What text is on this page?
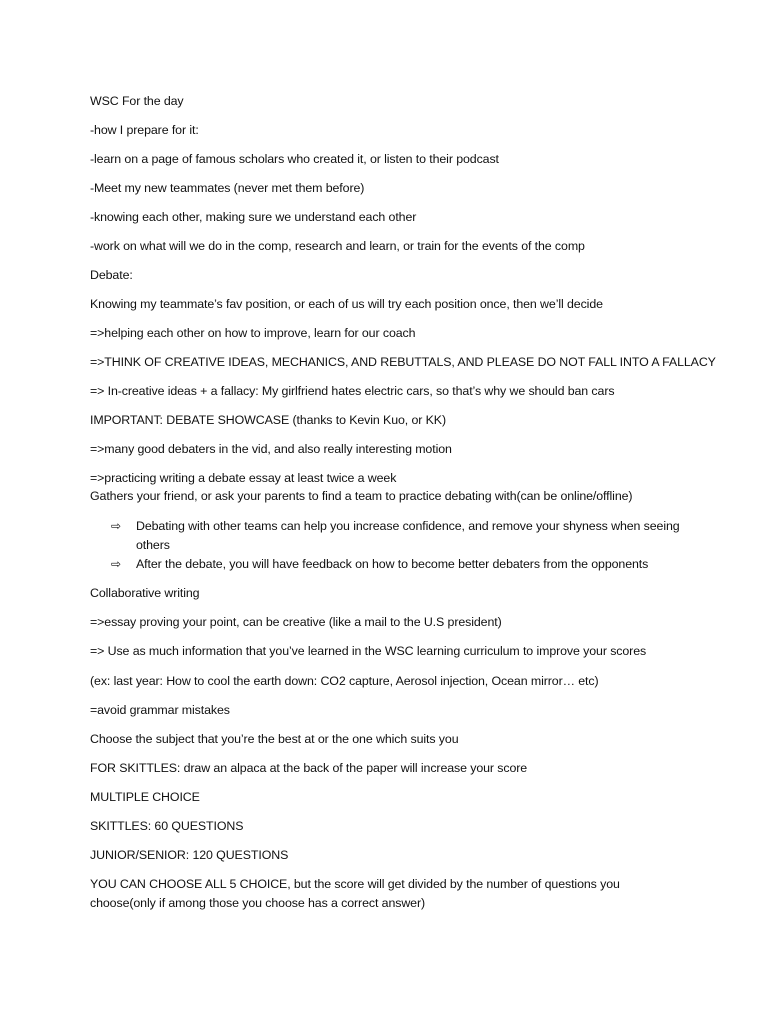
WSC For the day
-how I prepare for it:
-learn on a page of famous scholars who created it, or listen to their podcast
-Meet my new teammates (never met them before)
-knowing each other, making sure we understand each other
-work on what will we do in the comp, research and learn, or train for the events of the comp
Debate:
Knowing my teammate’s fav position, or each of us will try each position once, then we’ll decide
=>helping each other on how to improve, learn for our coach
=>THINK OF CREATIVE IDEAS, MECHANICS, AND REBUTTALS, AND PLEASE DO NOT FALL INTO A FALLACY
=> In-creative ideas + a fallacy: My girlfriend hates electric cars, so that’s why we should ban cars
IMPORTANT: DEBATE SHOWCASE (thanks to Kevin Kuo, or KK)
=>many good debaters in the vid, and also really interesting motion
=>practicing writing a debate essay at least twice a week
Gathers your friend, or ask your parents to find a team to practice debating with(can be online/offline)
⇨ Debating with other teams can help you increase confidence, and remove your shyness when seeing others
⇨ After the debate, you will have feedback on how to become better debaters from the opponents
Collaborative writing
=>essay proving your point, can be creative (like a mail to the U.S president)
=> Use as much information that you’ve learned in the WSC learning curriculum to improve your scores
(ex: last year: How to cool the earth down: CO2 capture, Aerosol injection, Ocean mirror… etc)
=avoid grammar mistakes
Choose the subject that you’re the best at or the one which suits you
FOR SKITTLES: draw an alpaca at the back of the paper will increase your score
MULTIPLE CHOICE
SKITTLES: 60 QUESTIONS
JUNIOR/SENIOR: 120 QUESTIONS
YOU CAN CHOOSE ALL 5 CHOICE, but the score will get divided by the number of questions you choose(only if among those you choose has a correct answer)
